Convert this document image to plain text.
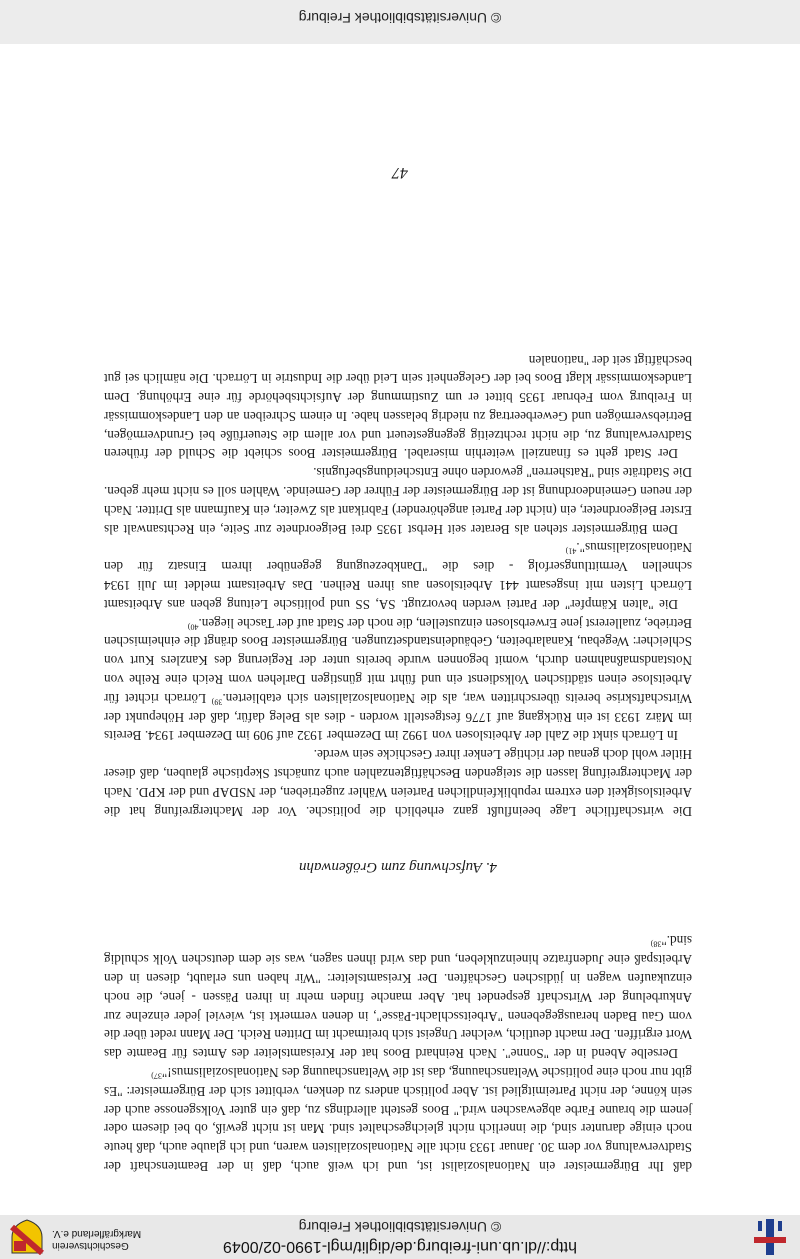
http://dl.ub.uni-freiburg.de/diglit/mgl-1990-02/0049
© Universitätsbibliothek Freiburg
Geschichtsverein
Markgräflerland e.V.

daß Ihr Bürgermeister ein Nationalsozialist ist, und ich weiß auch, daß in der Beamtenschaft der Stadtverwaltung vor dem 30. Januar 1933 nicht alle Nationalsozialisten waren, und ich glaube auch, daß heute noch einige darunter sind, die innerlich nicht gleichgeschaltet sind. Man ist nicht gewiß, ob bei diesem oder jenem die braune Farbe abgewaschen wird." Boos gesteht allerdings zu, daß ein guter Volksgenosse auch der sein könne, der nicht Parteimitglied ist. Aber politisch anders zu denken, verbittet sich der Bürgermeister: "Es gibt nur noch eine politische Weltanschauung, das ist die Weltanschauung des Nationalsozialismus!"$^{37)}$

Derselbe Abend in der "Sonne". Nach Reinhard Boos hat der Kreisamtsleiter des Amtes für Beamte das Wort ergriffen. Der macht deutlich, welcher Ungeist sich breitmacht im Dritten Reich. Der Mann redet über die vom Gau Baden herausgegebenen "Arbeitsschlacht-Pässe", in denen vermerkt ist, wieviel jeder einzelne zur Ankurbelung der Wirtschaft gespendet hat. Aber manche finden mehr in ihren Pässen - jene, die noch einzukaufen wagen in jüdischen Geschäften. Der Kreisamtsleiter: "Wir haben uns erlaubt, diesen in den Arbeitspaß eine Judenfratze hineinzukleben, und das wird ihnen sagen, was sie dem deutschen Volk schuldig sind."$^{38)}$

4. Aufschwung zum Größenwahn

Die wirtschaftliche Lage beeinflußt ganz erheblich die politische. Vor der Machtergreifung hat die Arbeitslosigkeit den extrem republikfeindlichen Parteien Wähler zugetrieben, der NSDAP und der KPD. Nach der Machtergreifung lassen die steigenden Beschäftigtenzahlen auch zunächst Skeptische glauben, daß dieser Hitler wohl doch genau der richtige Lenker ihrer Geschicke sein werde.

In Lörrach sinkt die Zahl der Arbeitslosen von 1992 im Dezember 1932 auf 909 im Dezember 1934. Bereits im März 1933 ist ein Rückgang auf 1776 festgestellt worden - dies als Beleg dafür, daß der Höhepunkt der Wirtschaftskrise bereits überschritten war, als die Nationalsozialisten sich etablierten.$^{39)}$ Lörrach richtet für Arbeitslose einen städtischen Volksdienst ein und führt mit günstigen Darlehen vom Reich eine Reihe von Notstandsmaßnahmen durch, womit begonnen wurde bereits unter der Regierung des Kanzlers Kurt von Schleicher: Wegebau, Kanalarbeiten, Gebäudeinstandsetzungen. Bürgermeister Boos drängt die einheimischen Betriebe, zuallererst jene Erwerbslosen einzustellen, die noch der Stadt auf der Tasche liegen.$^{40)}$

Die "alten Kämpfer" der Partei werden bevorzugt. SA, SS und politische Leitung geben ans Arbeitsamt Lörrach Listen mit insgesamt 441 Arbeitslosen aus ihren Reihen. Das Arbeitsamt meldet im Juli 1934 schnellen Vermittlungserfolg - dies die "Dankbezeugung gegenüber ihrem Einsatz für den Nationalsozialismus".$^{41)}$

Dem Bürgermeister stehen als Berater seit Herbst 1935 drei Beigeordnete zur Seite, ein Rechtsanwalt als Erster Beigeordneter, ein (nicht der Partei angehörender) Fabrikant als Zweiter, ein Kaufmann als Dritter. Nach der neuen Gemeindeordnung ist der Bürgermeister der Führer der Gemeinde. Wahlen soll es nicht mehr geben. Die Stadträte sind "Ratsherren" geworden ohne Entscheidungsbefugnis.

Der Stadt geht es finanziell weiterhin miserabel. Bürgermeister Boos schiebt die Schuld der früheren Stadtverwaltung zu, die nicht rechtzeitig gegengesteuert und vor allem die Steuerfüße bei Grundvermögen, Betriebsvermögen und Gewerbeertrag zu niedrig belassen habe. In einem Schreiben an den Landeskommissär in Freiburg vom Februar 1935 bittet er um Zustimmung der Aufsichtsbehörde für eine Erhöhung. Dem Landeskommissär klagt Boos bei der Gelegenheit sein Leid über die Industrie in Lörrach. Die nämlich sei gut beschäftigt seit der "nationalen

47
© Universitätsbibliothek Freiburg
